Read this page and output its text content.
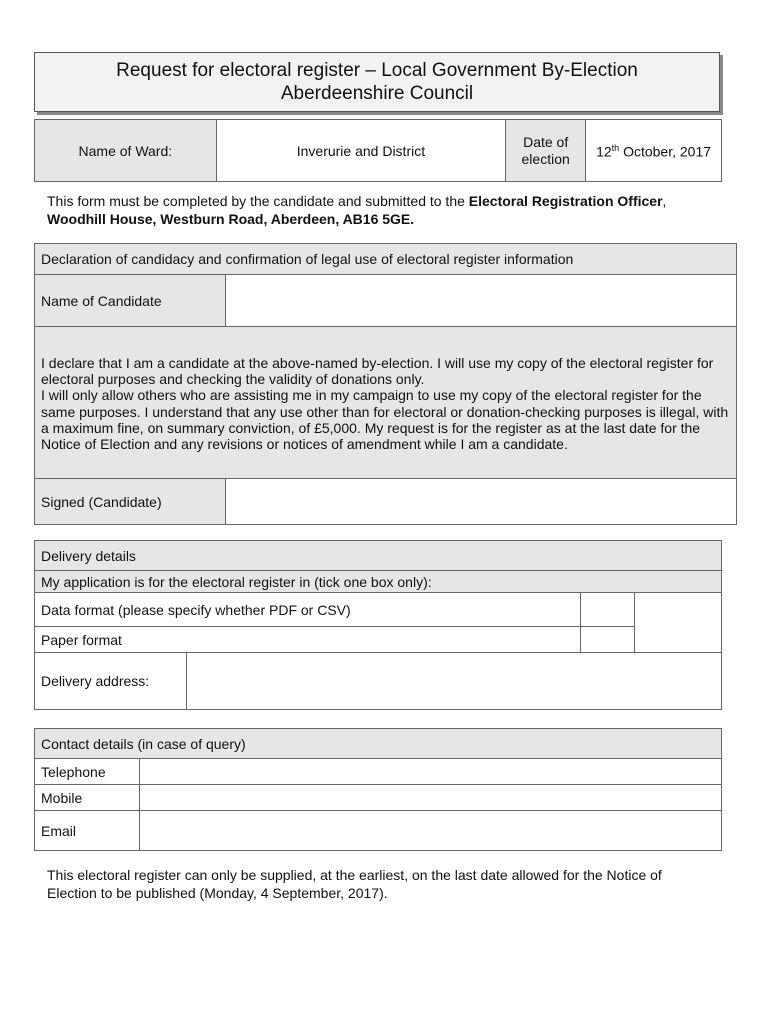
Request for electoral register – Local Government By-Election
Aberdeenshire Council
Name of Ward:	Inverurie and District	Date of election	12th October, 2017
This form must be completed by the candidate and submitted to the Electoral Registration Officer, Woodhill House, Westburn Road, Aberdeen, AB16 5GE.
Declaration of candidacy and confirmation of legal use of electoral register information	
Name of Candidate	

I declare that I am a candidate at the above-named by-election. I will use my copy of the electoral register for electoral purposes and checking the validity of donations only.
I will only allow others who are assisting me in my campaign to use my copy of the electoral register for the same purposes. I understand that any use other than for electoral or donation-checking purposes is illegal, with a maximum fine, on summary conviction, of £5,000. My request is for the register as at the last date for the Notice of Election and any revisions or notices of amendment while I am a candidate.	

Signed (Candidate)	
Delivery details			
My application is for the electoral register in (tick one box only):			
Data format (please specify whether PDF or CSV)			
Paper format			
Delivery address:			
Contact details (in case of query)	
Telephone	
Mobile	
Email	
This electoral register can only be supplied, at the earliest, on the last date allowed for the Notice of Election to be published (Monday, 4 September, 2017).
